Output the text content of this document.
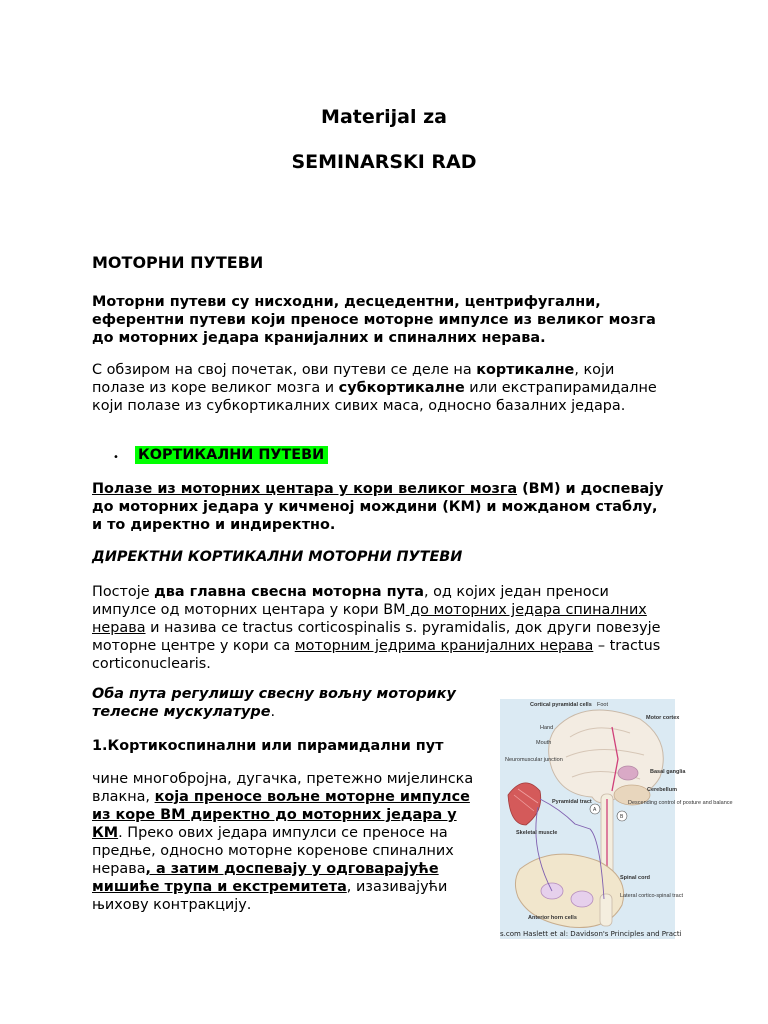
Materijal za
SEMINARSKI RAD
МОТОРНИ ПУТЕВИ

Моторни путеви су нисходни, десцедентни, центрифугални, еферентни путеви који преносе моторне импулсе из великог мозга до моторних једара кранијалних и спиналних нерава.

С обзиром на свој почетак, ови путеви се деле на кортикалне, који полазе из коре великог мозга и субкортикалне или екстрапирамидалне који полазе из субкортикалних сивих маса, односно базалних једара.

• КОРТИКАЛНИ ПУТЕВИ

Полазе из моторних центара у кори великог мозга (ВМ) и доспевају до моторних једара у кичменој мождини (КМ) и можданом стаблу, и то директно и индиректно.

ДИРЕКТНИ КОРТИКАЛНИ МОТОРНИ ПУТЕВИ

Постоје два главна свесна моторна пута, од којих један преноси импулсе од моторних центара у кори ВМ до моторних једара спиналних нерава и назива се tractus corticospinalis s. pyramidalis, док други повезује моторне центре у кори са моторним једрима кранијалних нерава – tractus corticonuclearis.

Оба пута регулишу свесну вољну моторику телесне мускулатуре.

1.Кортикоспинални или пирамидални пут

чине многобројна, дугачка, претежно мијелинска влакна, која преносе вољне моторне импулсе из коре ВМ директно до моторних једара у КМ. Преко ових једара импулси се преносе на предње, односно моторне коренове спиналних нерава, а затим доспевају у одговарајуће мишиће трупа и екстремитета, изазивајући њихову контракцију.

Cortical pyramidal cells Foot
Hand
Mouth
Motor cortex
Neuromuscular junction
Basal ganglia
Cerebellum
Pyramidal tract
A
B
Descending control of posture and balance
Skeletal muscle
Spinal cord
Lateral cortico-spinal tract
Anterior horn cells
s.com Haslett et al: Davidson's Principles and Practi
